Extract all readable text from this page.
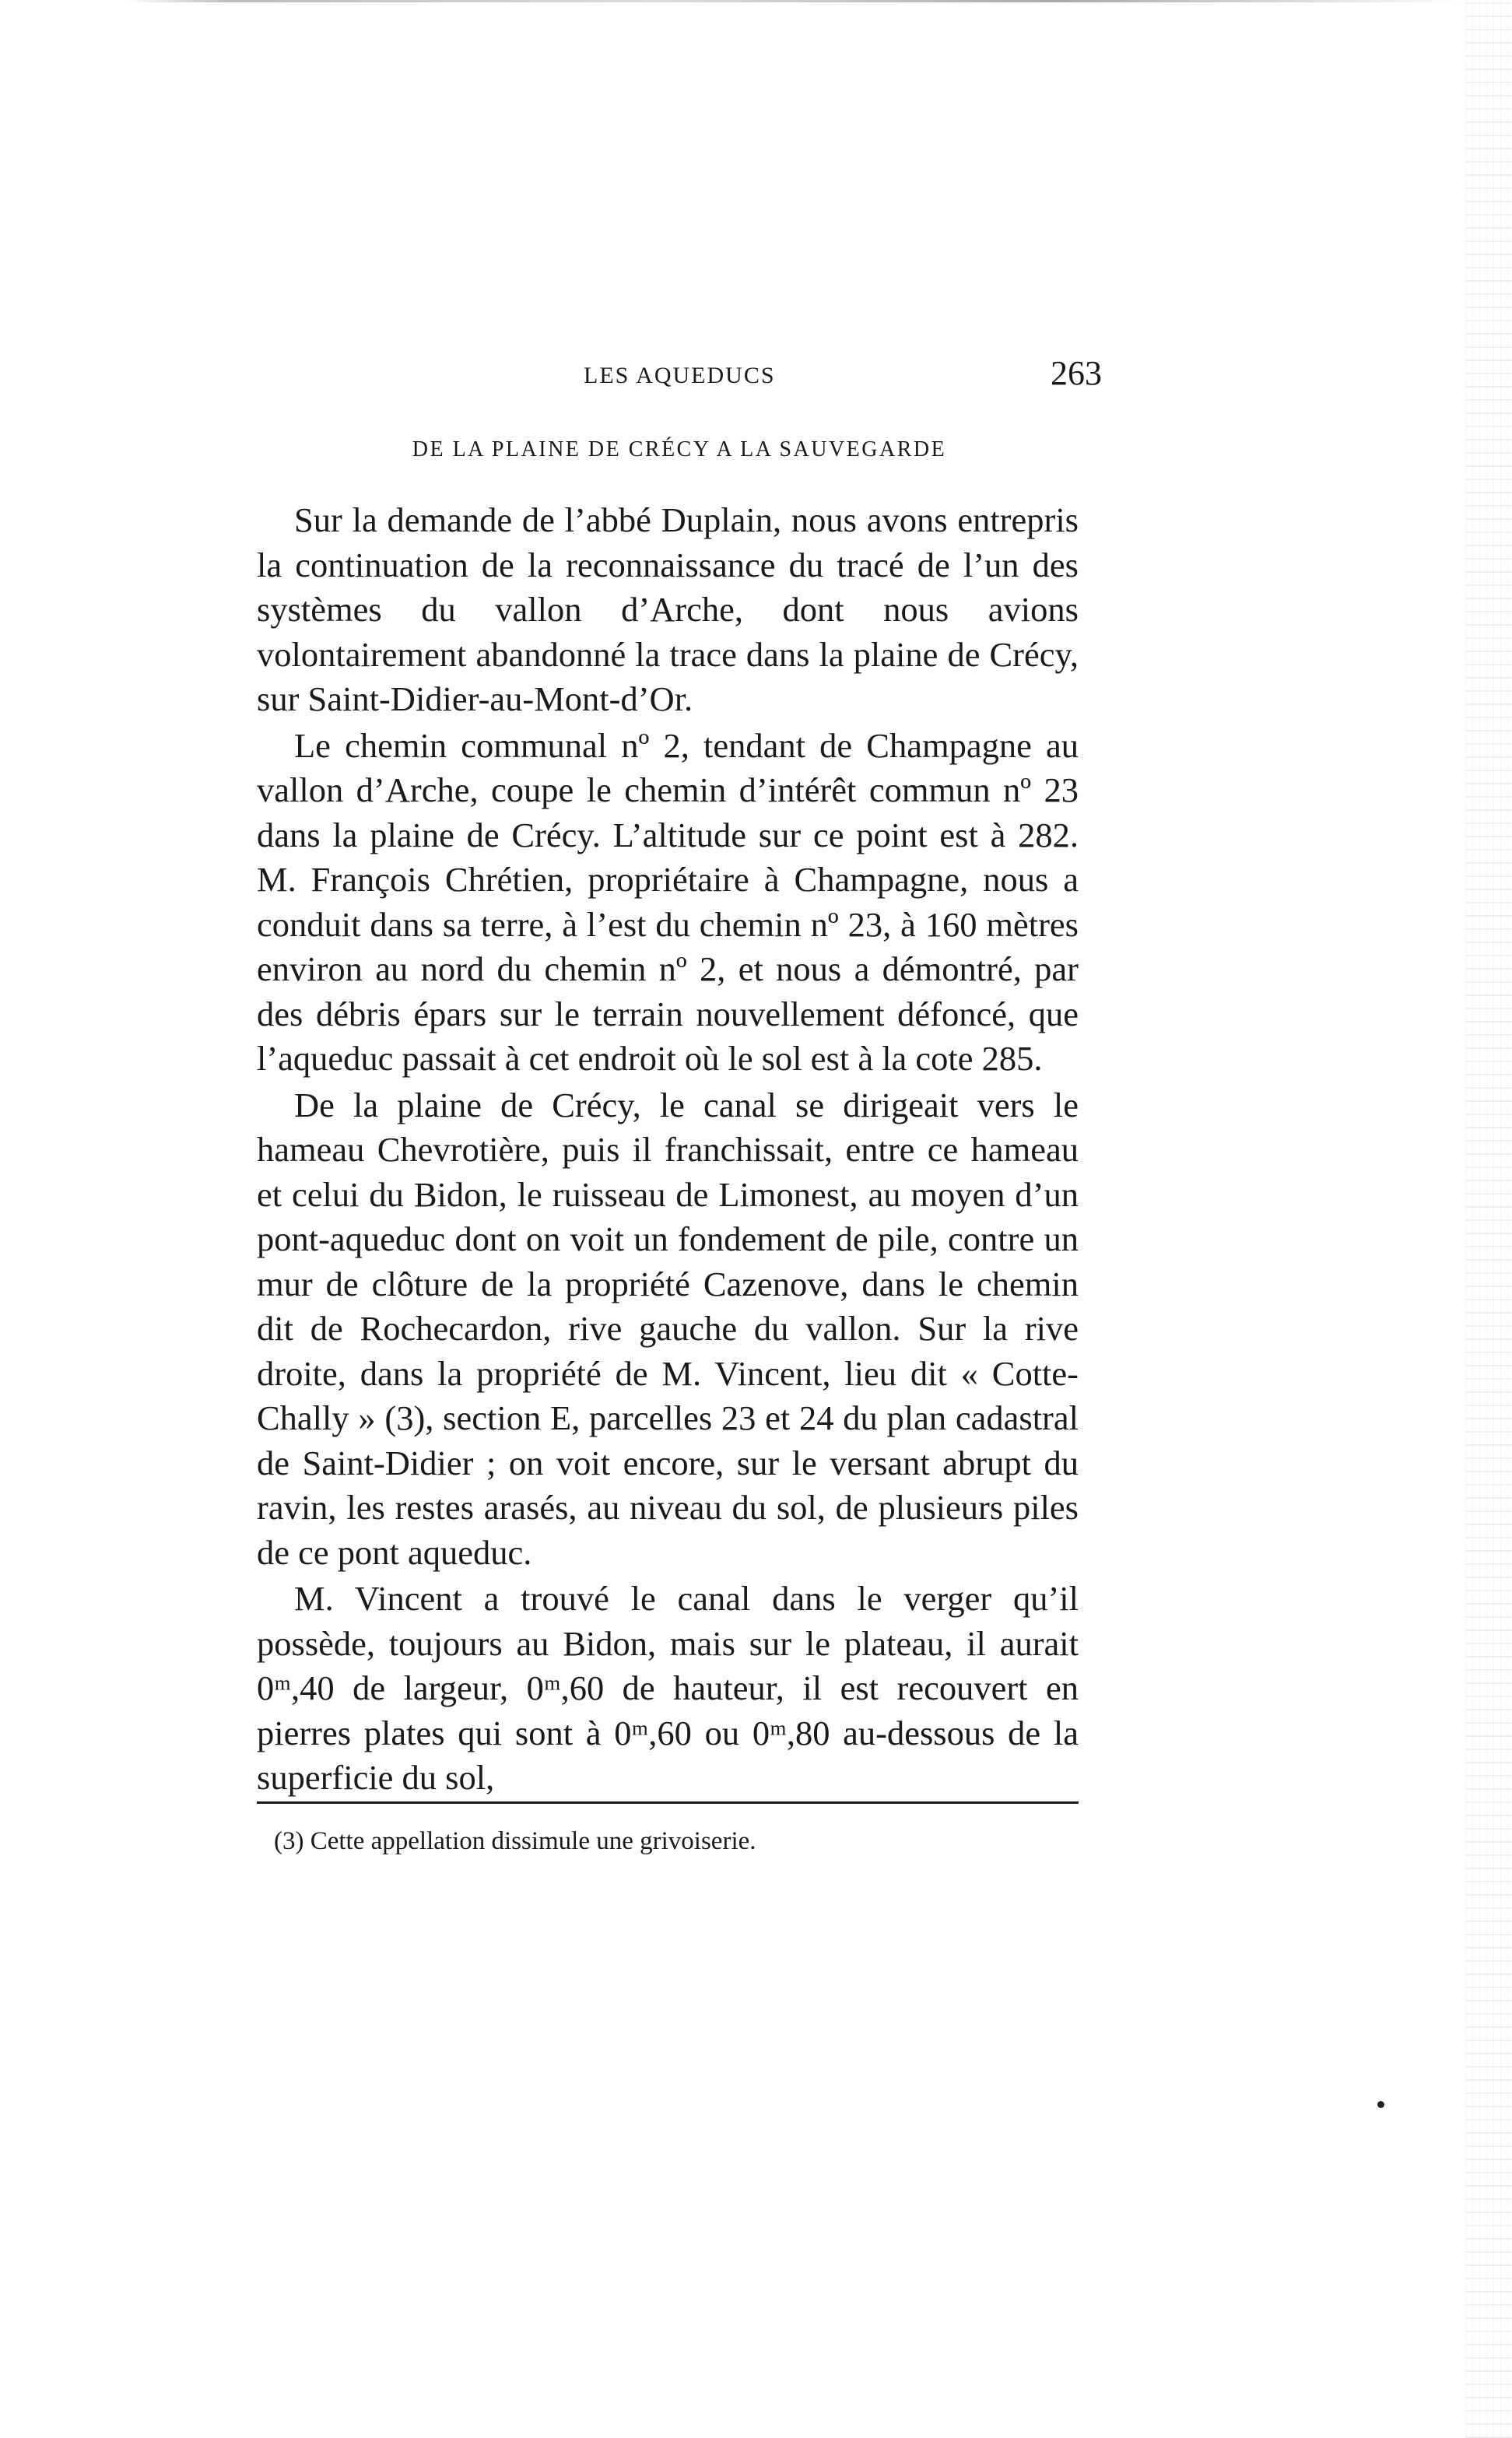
LES AQUEDUCS	263
DE LA PLAINE DE CRÉCY A LA SAUVEGARDE

Sur la demande de l’abbé Duplain, nous avons entrepris la continuation de la reconnaissance du tracé de l’un des systèmes du vallon d’Arche, dont nous avions volontairement abandonné la trace dans la plaine de Crécy, sur Saint-Didier-au-Mont-d’Or.

Le chemin communal nº 2, tendant de Champagne au vallon d’Arche, coupe le chemin d’intérêt commun nº 23 dans la plaine de Crécy. L’altitude sur ce point est à 282. M. François Chrétien, propriétaire à Champagne, nous a conduit dans sa terre, à l’est du chemin nº 23, à 160 mètres environ au nord du chemin nº 2, et nous a démontré, par des débris épars sur le terrain nouvellement défoncé, que l’aqueduc passait à cet endroit où le sol est à la cote 285.

De la plaine de Crécy, le canal se dirigeait vers le hameau Chevrotière, puis il franchissait, entre ce hameau et celui du Bidon, le ruisseau de Limonest, au moyen d’un pont-aqueduc dont on voit un fondement de pile, contre un mur de clôture de la propriété Cazenove, dans le chemin dit de Rochecardon, rive gauche du vallon. Sur la rive droite, dans la propriété de M. Vincent, lieu dit « Cotte-Chally » (3), section E, parcelles 23 et 24 du plan cadastral de Saint-Didier ; on voit encore, sur le versant abrupt du ravin, les restes arasés, au niveau du sol, de plusieurs piles de ce pont aqueduc.

M. Vincent a trouvé le canal dans le verger qu’il possède, toujours au Bidon, mais sur le plateau, il aurait 0ᵐ,40 de largeur, 0ᵐ,60 de hauteur, il est recouvert en pierres plates qui sont à 0ᵐ,60 ou 0ᵐ,80 au-dessous de la superficie du sol,

(3) Cette appellation dissimule une grivoiserie.
